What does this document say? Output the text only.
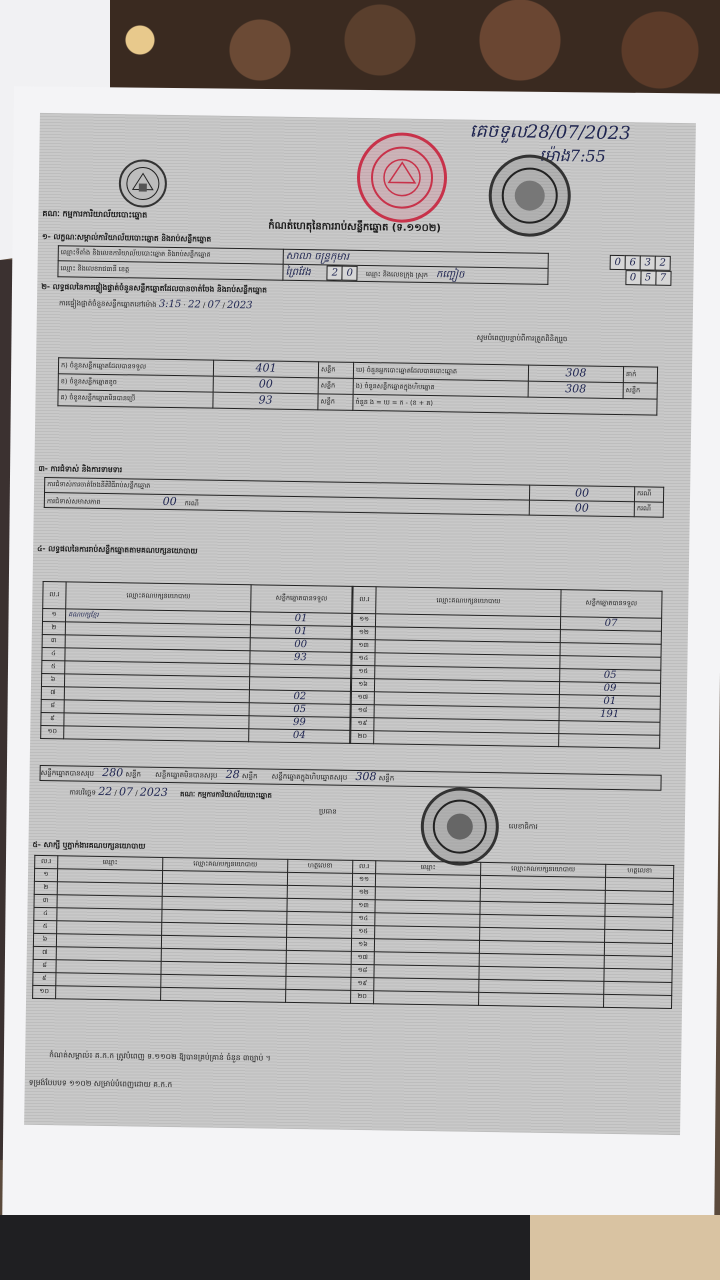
គេចទួល28/07/2023
ម៉ោង7:55
គណៈ កម្មការការិយាល័យបោះឆ្នោត
កំណត់ហេតុនៃការរាប់សន្លឹកឆ្នោត (ទ.១១០២)
១- លក្ខណៈសម្គាល់ការិយាល័យបោះឆ្នោត និងរាប់សន្លឹកឆ្នោត
ឈ្មោះទីតាំង និងលេខការិយាល័យបោះឆ្នោត និងរាប់សន្លឹកឆ្នោត	សាលា ចន្ទ្រកុមារ	0 6 3 2
ឈ្មោះ និងលេខរាជធានី ខេត្ត	ព្រៃវែង 2 0 ឈ្មោះ និងលេខក្រុង ស្រុក កញ្ចៀច	0 5 7
២- លទ្ធផលនៃការផ្ទៀងផ្ទាត់ចំនួនសន្លឹកឆ្នោតដែលបានចាត់ចែង និងរាប់សន្លឹកឆ្នោត
ការផ្ទៀងផ្ទាត់ចំនួនសន្លឹកឆ្នោតនៅម៉ោង 3:15 · 22 / 07 / 2023
សូមបំពេញបន្ទាប់ពីការត្រួតពិនិត្យរួច
ក) ចំនួនសន្លឹកឆ្នោតដែលបានទទួល	401	សន្លឹក	ឃ) ចំនួនអ្នកបោះឆ្នោតដែលបានបោះឆ្នោត	308	នាក់
ខ) ចំនួនសន្លឹកឆ្នោតខូច	00	សន្លឹក	ង) ចំនួនសន្លឹកឆ្នោតក្នុងហិបឆ្នោត	308	សន្លឹក
គ) ចំនួនសន្លឹកឆ្នោតមិនបានប្រើ	93	សន្លឹក	ចំនួន ង = ឃ = ក - (ខ + គ)		
៣- ការជំទាស់ និងការទាមទារ
ការជំទាស់ការចាត់ចែងនីតិវិធីរាប់សន្លឹកឆ្នោត	00	ករណី
ការជំទាស់សមាសភាព 00 ករណី	00	ករណី
៤- លទ្ធផលនៃការរាប់សន្លឹកឆ្នោតតាមគណបក្សនយោបាយ
ល.រ	ឈ្មោះគណបក្សនយោបាយ	សន្លឹកឆ្នោតបានទទួល
១	គណបក្សខ្មែរ	01
២		01
៣		00
៤		93
៥		
៦		
៧		02
៨		05
៩		99
១០		04
ល.រ	ឈ្មោះគណបក្សនយោបាយ	សន្លឹកឆ្នោតបានទទួល
១១		07
១២		
១៣		
១៤		
១៥		05
១៦		09
១៧		01
១៨		191
១៩		
២០		
សន្លឹកឆ្នោតបានសរុប 280 សន្លឹក សន្លឹកឆ្នោតមិនបានសរុប 28 សន្លឹក សន្លឹកឆ្នោតក្នុងហិបឆ្នោតសរុប 308 សន្លឹក
ការបរិច្ឆេទ 22 / 07 / 2023 គណៈ កម្មការការិយាល័យបោះឆ្នោត
ប្រធាន
លេខាធិការ
៥- សាក្សី ឬភ្នាក់ងារគណបក្សនយោបាយ
ល.រ	ឈ្មោះ	ឈ្មោះគណបក្សនយោបាយ	ហត្ថលេខា	ល.រ	ឈ្មោះ	ឈ្មោះគណបក្សនយោបាយ	ហត្ថលេខា
១				១១			
២				១២			
៣				១៣			
៤				១៤			
៥				១៥			
៦				១៦			
៧				១៧			
៨				១៨			
៩				១៩			
១០				២០			
កំណត់សម្គាល់៖ គ.ក.ក ត្រូវបំពេញ ទ.១១០២ ឱ្យបានគ្រប់គ្រាន់ ចំនួន ៣ច្បាប់ ។
ទម្រង់បែបបទ ១១០២ សម្រាប់បំពេញដោយ គ.ក.ក
